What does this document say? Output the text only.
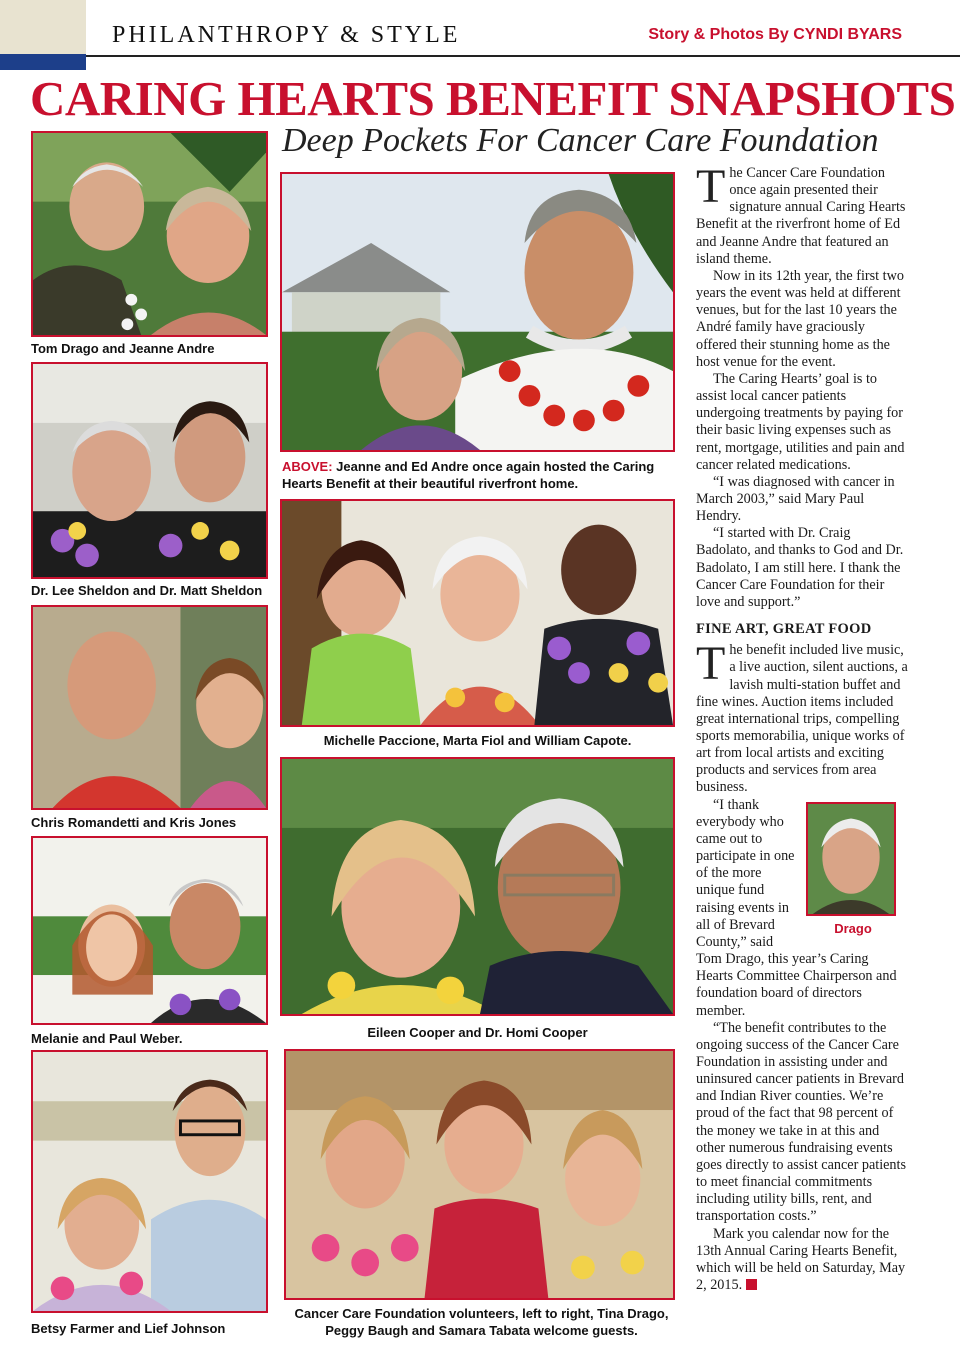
PHILANTHROPY & STYLE	Story & Photos By CYNDI BYARS
CARING HEARTS BENEFIT SNAPSHOTS
Deep Pockets For Cancer Care Foundation
Tom Drago and Jeanne Andre
Dr. Lee Sheldon and Dr. Matt Sheldon
Chris Romandetti and Kris Jones
Melanie and Paul Weber.
Betsy Farmer and Lief Johnson
ABOVE: Jeanne and Ed Andre once again hosted the Caring Hearts Benefit at their beautiful riverfront home.
Michelle Paccione, Marta Fiol and William Capote.
Eileen Cooper and Dr. Homi Cooper
Cancer Care Foundation volunteers, left to right, Tina Drago, Peggy Baugh and Samara Tabata welcome guests.

The Cancer Care Foundation once again presented their signature annual Caring Hearts Benefit at the riverfront home of Ed and Jeanne Andre that featured an island theme.

Now in its 12th year, the first two years the event was held at different venues, but for the last 10 years the André family have graciously offered their stunning home as the host venue for the event.

The Caring Hearts’ goal is to assist local cancer patients undergoing treatments by paying for their basic living expenses such as rent, mortgage, utilities and pain and cancer related medications.

“I was diagnosed with cancer in March 2003,” said Mary Paul Hendry.

“I started with Dr. Craig Badolato, and thanks to God and Dr. Badolato, I am still here. I thank the Cancer Care Foundation for their love and support.”

FINE ART, GREAT FOOD

The benefit included live music, a live auction, silent auctions, a lavish multi-station buffet and fine wines. Auction items included great international trips, compelling sports memorabilia, unique works of art from local artists and exciting products and services from area business.

Drago

“I thank everybody who came out to participate in one of the more unique fund raising events in all of Brevard County,” said Tom Drago, this year’s Caring Hearts Committee Chairperson and foundation board of directors member.

“The benefit contributes to the ongoing success of the Cancer Care Foundation in assisting under and uninsured cancer patients in Brevard and Indian River counties. We’re proud of the fact that 98 percent of the money we take in at this and other numerous fundraising events goes directly to assist cancer patients to meet financial commitments including utility bills, rent, and transportation costs.”

Mark you calendar now for the 13th Annual Caring Hearts Benefit, which will be held on Saturday, May 2, 2015.
